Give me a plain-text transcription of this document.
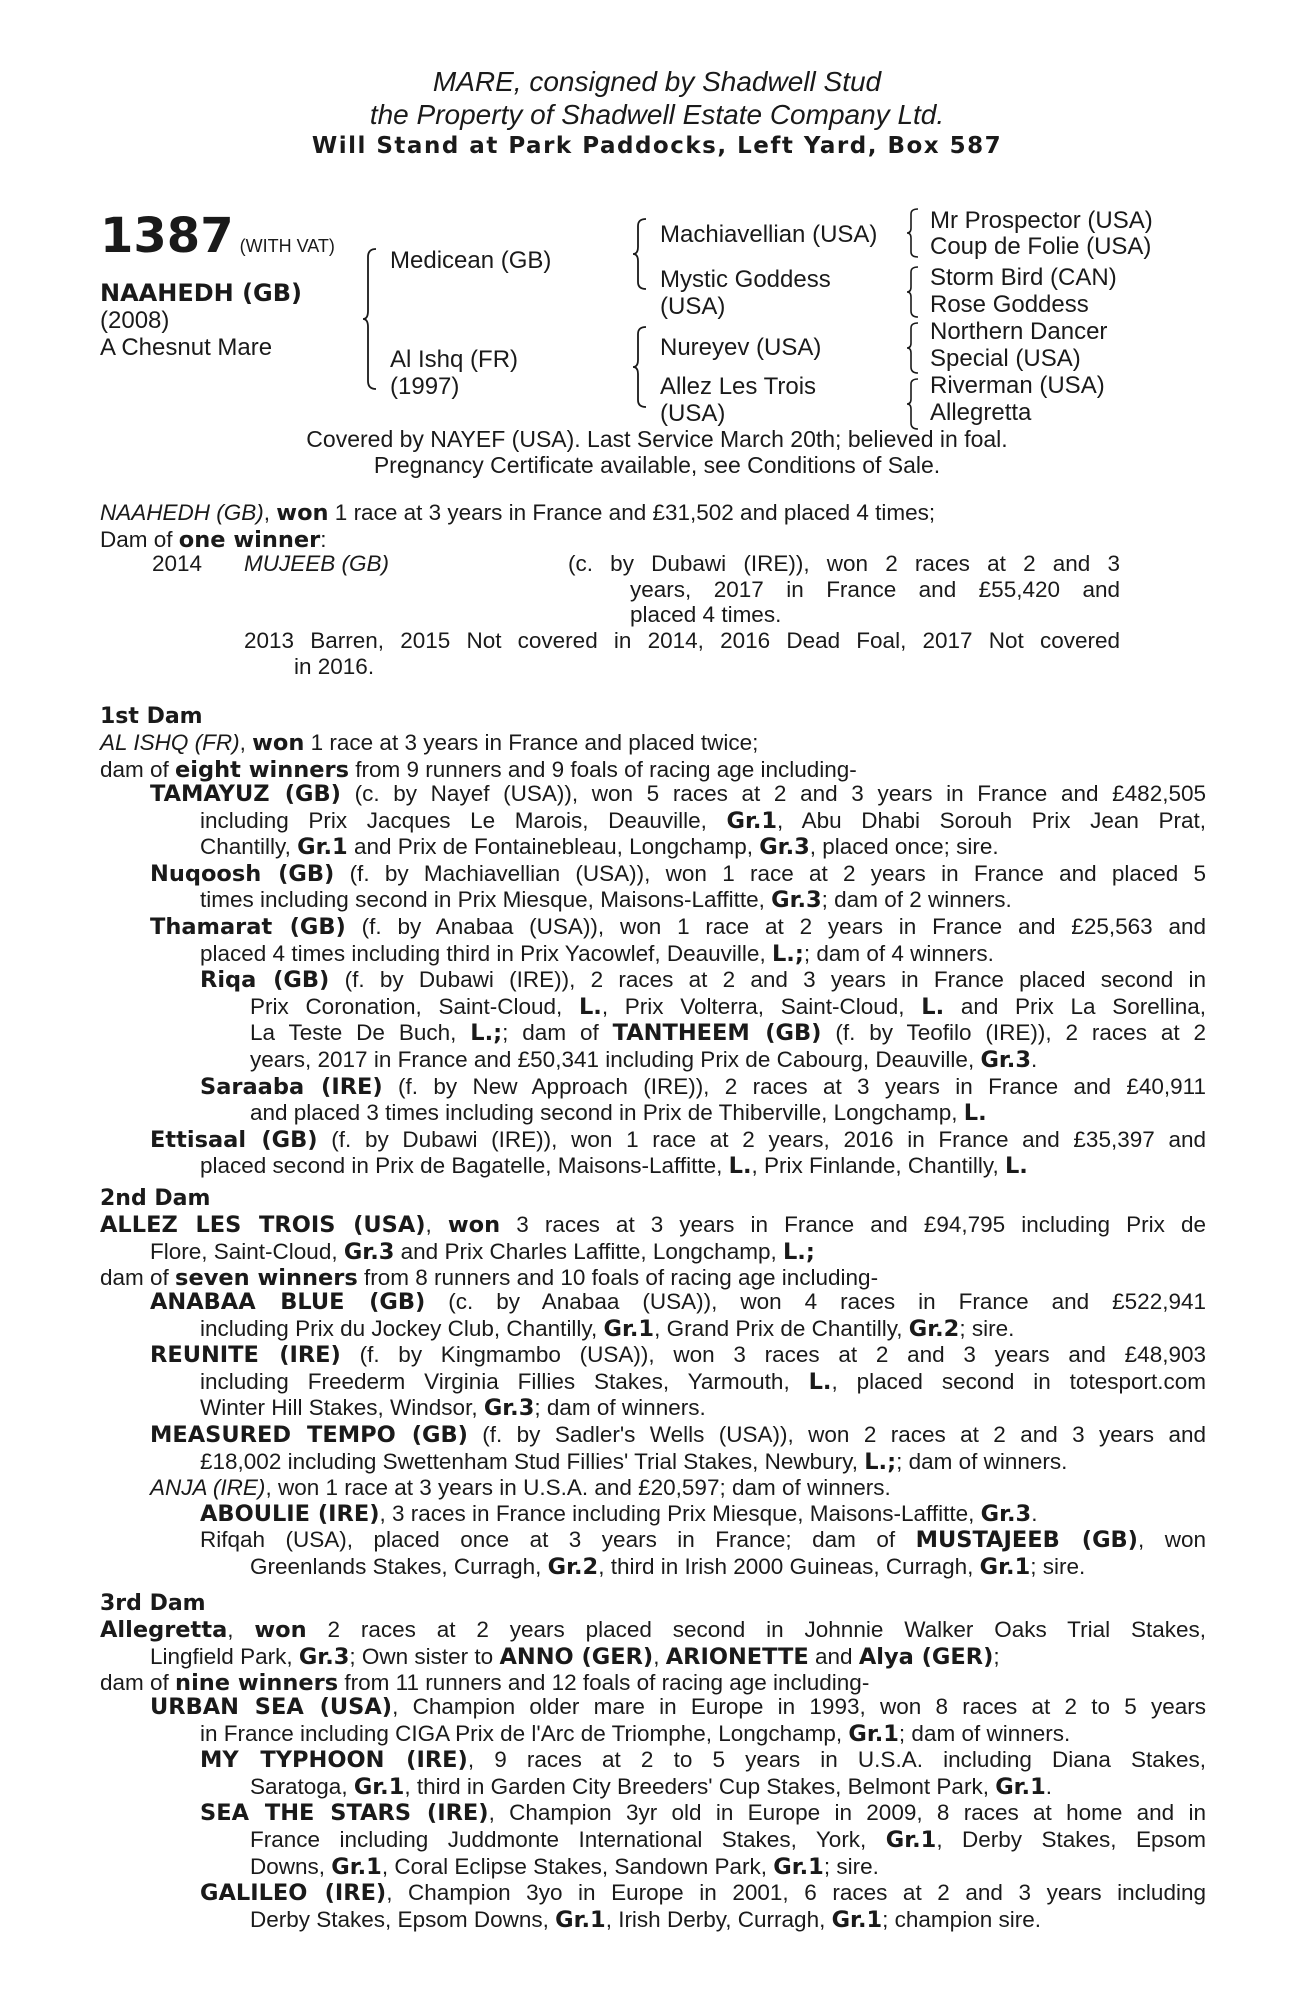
MARE, consigned by Shadwell Stud
the Property of Shadwell Estate Company Ltd.
Will Stand at Park Paddocks, Left Yard, Box 587
1387 (WITH VAT)
NAAHEDH (GB)
(2008)
A Chesnut Mare
Medicean (GB)
Al Ishq (FR)
(1997)
Machiavellian (USA)
Mystic Goddess
(USA)
Nureyev (USA)
Allez Les Trois
(USA)
Mr Prospector (USA)
Coup de Folie (USA)
Storm Bird (CAN)
Rose Goddess
Northern Dancer
Special (USA)
Riverman (USA)
Allegretta
Covered by NAYEF (USA). Last Service March 20th; believed in foal.
Pregnancy Certificate available, see Conditions of Sale.
NAAHEDH (GB), won 1 race at 3 years in France and £31,502 and placed 4 times;
Dam of one winner:
2014 MUJEEB (GB)	(c. by Dubawi (IRE)), won 2 races at 2 and 3
years, 2017 in France and £55,420 and
placed 4 times.
2013 Barren, 2015 Not covered in 2014, 2016 Dead Foal, 2017 Not covered
in 2016.
1st Dam
AL ISHQ (FR), won 1 race at 3 years in France and placed twice;
dam of eight winners from 9 runners and 9 foals of racing age including-
TAMAYUZ (GB) (c. by Nayef (USA)), won 5 races at 2 and 3 years in France and £482,505
including Prix Jacques Le Marois, Deauville, Gr.1, Abu Dhabi Sorouh Prix Jean Prat,
Chantilly, Gr.1 and Prix de Fontainebleau, Longchamp, Gr.3, placed once; sire.
Nuqoosh (GB) (f. by Machiavellian (USA)), won 1 race at 2 years in France and placed 5
times including second in Prix Miesque, Maisons-Laffitte, Gr.3; dam of 2 winners.
Thamarat (GB) (f. by Anabaa (USA)), won 1 race at 2 years in France and £25,563 and
placed 4 times including third in Prix Yacowlef, Deauville, L.;; dam of 4 winners.
Riqa (GB) (f. by Dubawi (IRE)), 2 races at 2 and 3 years in France placed second in
Prix Coronation, Saint-Cloud, L., Prix Volterra, Saint-Cloud, L. and Prix La Sorellina,
La Teste De Buch, L.;; dam of TANTHEEM (GB) (f. by Teofilo (IRE)), 2 races at 2
years, 2017 in France and £50,341 including Prix de Cabourg, Deauville, Gr.3.
Saraaba (IRE) (f. by New Approach (IRE)), 2 races at 3 years in France and £40,911
and placed 3 times including second in Prix de Thiberville, Longchamp, L.
Ettisaal (GB) (f. by Dubawi (IRE)), won 1 race at 2 years, 2016 in France and £35,397 and
placed second in Prix de Bagatelle, Maisons-Laffitte, L., Prix Finlande, Chantilly, L.
2nd Dam
ALLEZ LES TROIS (USA), won 3 races at 3 years in France and £94,795 including Prix de
Flore, Saint-Cloud, Gr.3 and Prix Charles Laffitte, Longchamp, L.;
dam of seven winners from 8 runners and 10 foals of racing age including-
ANABAA BLUE (GB) (c. by Anabaa (USA)), won 4 races in France and £522,941
including Prix du Jockey Club, Chantilly, Gr.1, Grand Prix de Chantilly, Gr.2; sire.
REUNITE (IRE) (f. by Kingmambo (USA)), won 3 races at 2 and 3 years and £48,903
including Freederm Virginia Fillies Stakes, Yarmouth, L., placed second in totesport.com
Winter Hill Stakes, Windsor, Gr.3; dam of winners.
MEASURED TEMPO (GB) (f. by Sadler's Wells (USA)), won 2 races at 2 and 3 years and
£18,002 including Swettenham Stud Fillies' Trial Stakes, Newbury, L.;; dam of winners.
ANJA (IRE), won 1 race at 3 years in U.S.A. and £20,597; dam of winners.
ABOULIE (IRE), 3 races in France including Prix Miesque, Maisons-Laffitte, Gr.3.
Rifqah (USA), placed once at 3 years in France; dam of MUSTAJEEB (GB), won
Greenlands Stakes, Curragh, Gr.2, third in Irish 2000 Guineas, Curragh, Gr.1; sire.
3rd Dam
Allegretta, won 2 races at 2 years placed second in Johnnie Walker Oaks Trial Stakes,
Lingfield Park, Gr.3; Own sister to ANNO (GER), ARIONETTE and Alya (GER);
dam of nine winners from 11 runners and 12 foals of racing age including-
URBAN SEA (USA), Champion older mare in Europe in 1993, won 8 races at 2 to 5 years
in France including CIGA Prix de l'Arc de Triomphe, Longchamp, Gr.1; dam of winners.
MY TYPHOON (IRE), 9 races at 2 to 5 years in U.S.A. including Diana Stakes,
Saratoga, Gr.1, third in Garden City Breeders' Cup Stakes, Belmont Park, Gr.1.
SEA THE STARS (IRE), Champion 3yr old in Europe in 2009, 8 races at home and in
France including Juddmonte International Stakes, York, Gr.1, Derby Stakes, Epsom
Downs, Gr.1, Coral Eclipse Stakes, Sandown Park, Gr.1; sire.
GALILEO (IRE), Champion 3yo in Europe in 2001, 6 races at 2 and 3 years including
Derby Stakes, Epsom Downs, Gr.1, Irish Derby, Curragh, Gr.1; champion sire.
